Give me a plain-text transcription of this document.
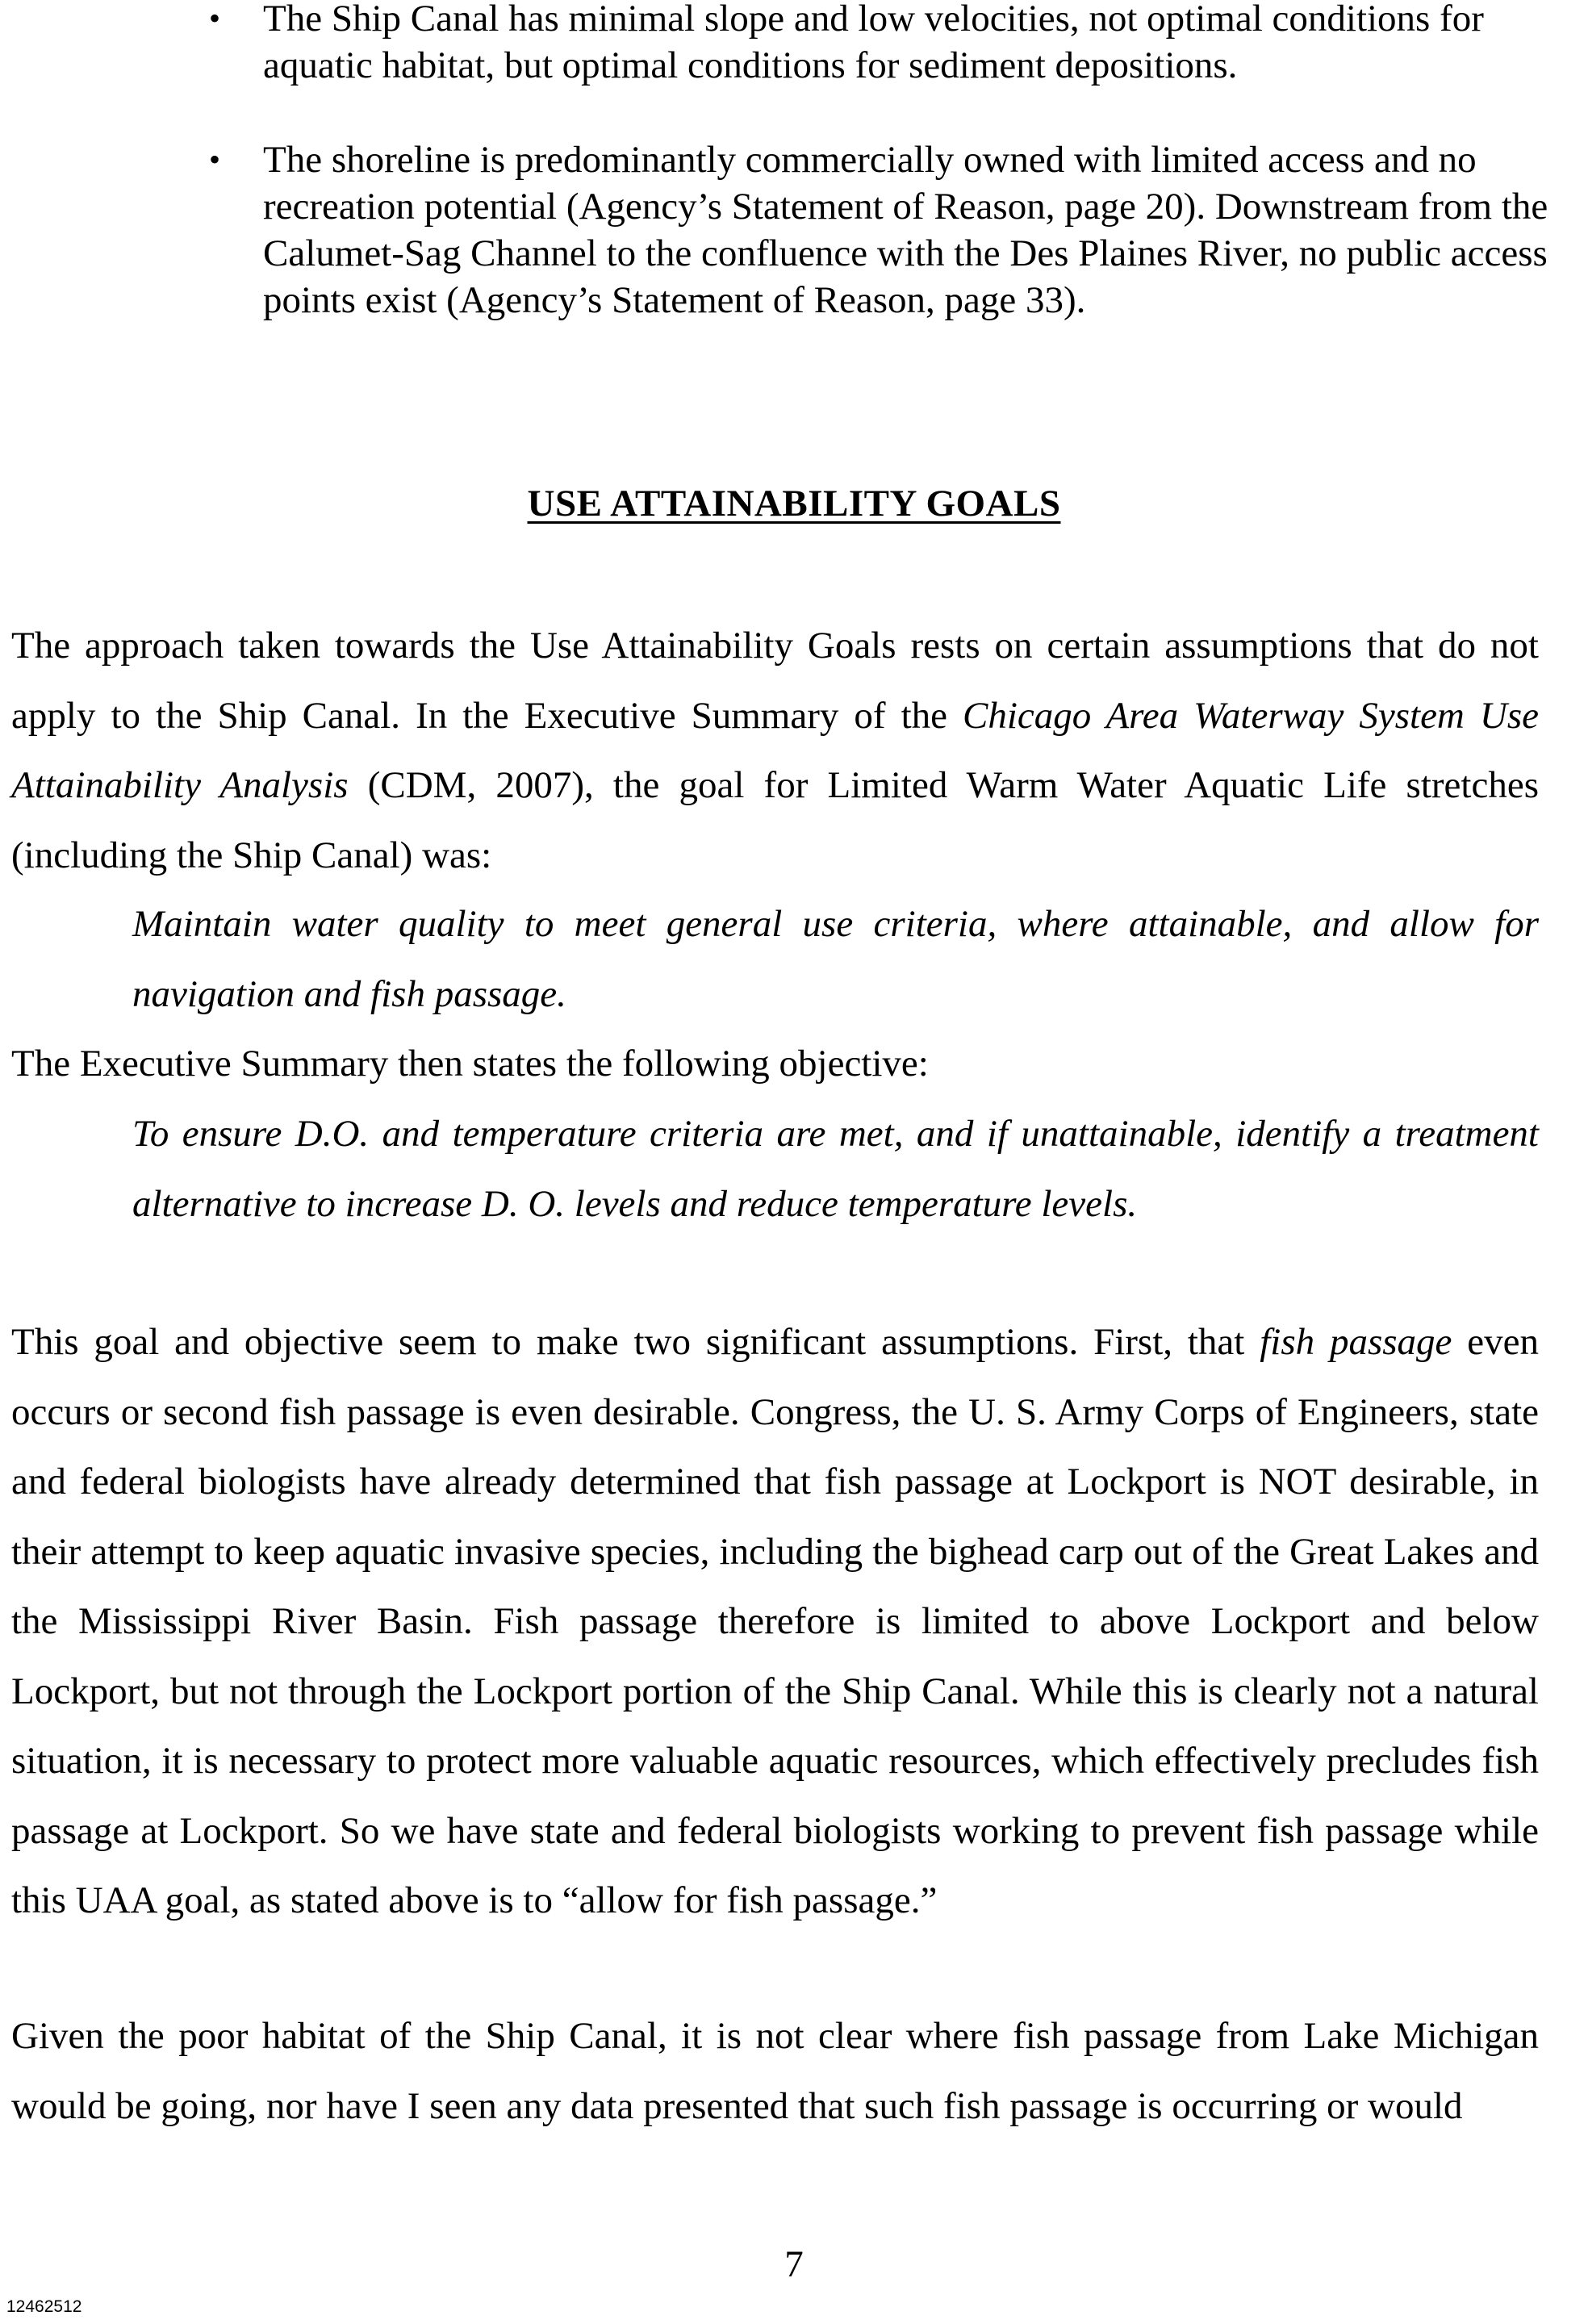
• The Ship Canal has minimal slope and low velocities, not optimal conditions for aquatic habitat, but optimal conditions for sediment depositions.
• The shoreline is predominantly commercially owned with limited access and no recreation potential (Agency’s Statement of Reason, page 20). Downstream from the Calumet-Sag Channel to the confluence with the Des Plaines River, no public access points exist (Agency’s Statement of Reason, page 33).
USE ATTAINABILITY GOALS

The approach taken towards the Use Attainability Goals rests on certain assumptions that do not apply to the Ship Canal. In the Executive Summary of the Chicago Area Waterway System Use Attainability Analysis (CDM, 2007), the goal for Limited Warm Water Aquatic Life stretches (including the Ship Canal) was:

Maintain water quality to meet general use criteria, where attainable, and allow for navigation and fish passage.

The Executive Summary then states the following objective:

To ensure D.O. and temperature criteria are met, and if unattainable, identify a treatment alternative to increase D. O. levels and reduce temperature levels.

This goal and objective seem to make two significant assumptions. First, that fish passage even occurs or second fish passage is even desirable. Congress, the U. S. Army Corps of Engineers, state and federal biologists have already determined that fish passage at Lockport is NOT desirable, in their attempt to keep aquatic invasive species, including the bighead carp out of the Great Lakes and the Mississippi River Basin. Fish passage therefore is limited to above Lockport and below Lockport, but not through the Lockport portion of the Ship Canal. While this is clearly not a natural situation, it is necessary to protect more valuable aquatic resources, which effectively precludes fish passage at Lockport. So we have state and federal biologists working to prevent fish passage while this UAA goal, as stated above is to “allow for fish passage.”

Given the poor habitat of the Ship Canal, it is not clear where fish passage from Lake Michigan would be going, nor have I seen any data presented that such fish passage is occurring or would

7
12462512
